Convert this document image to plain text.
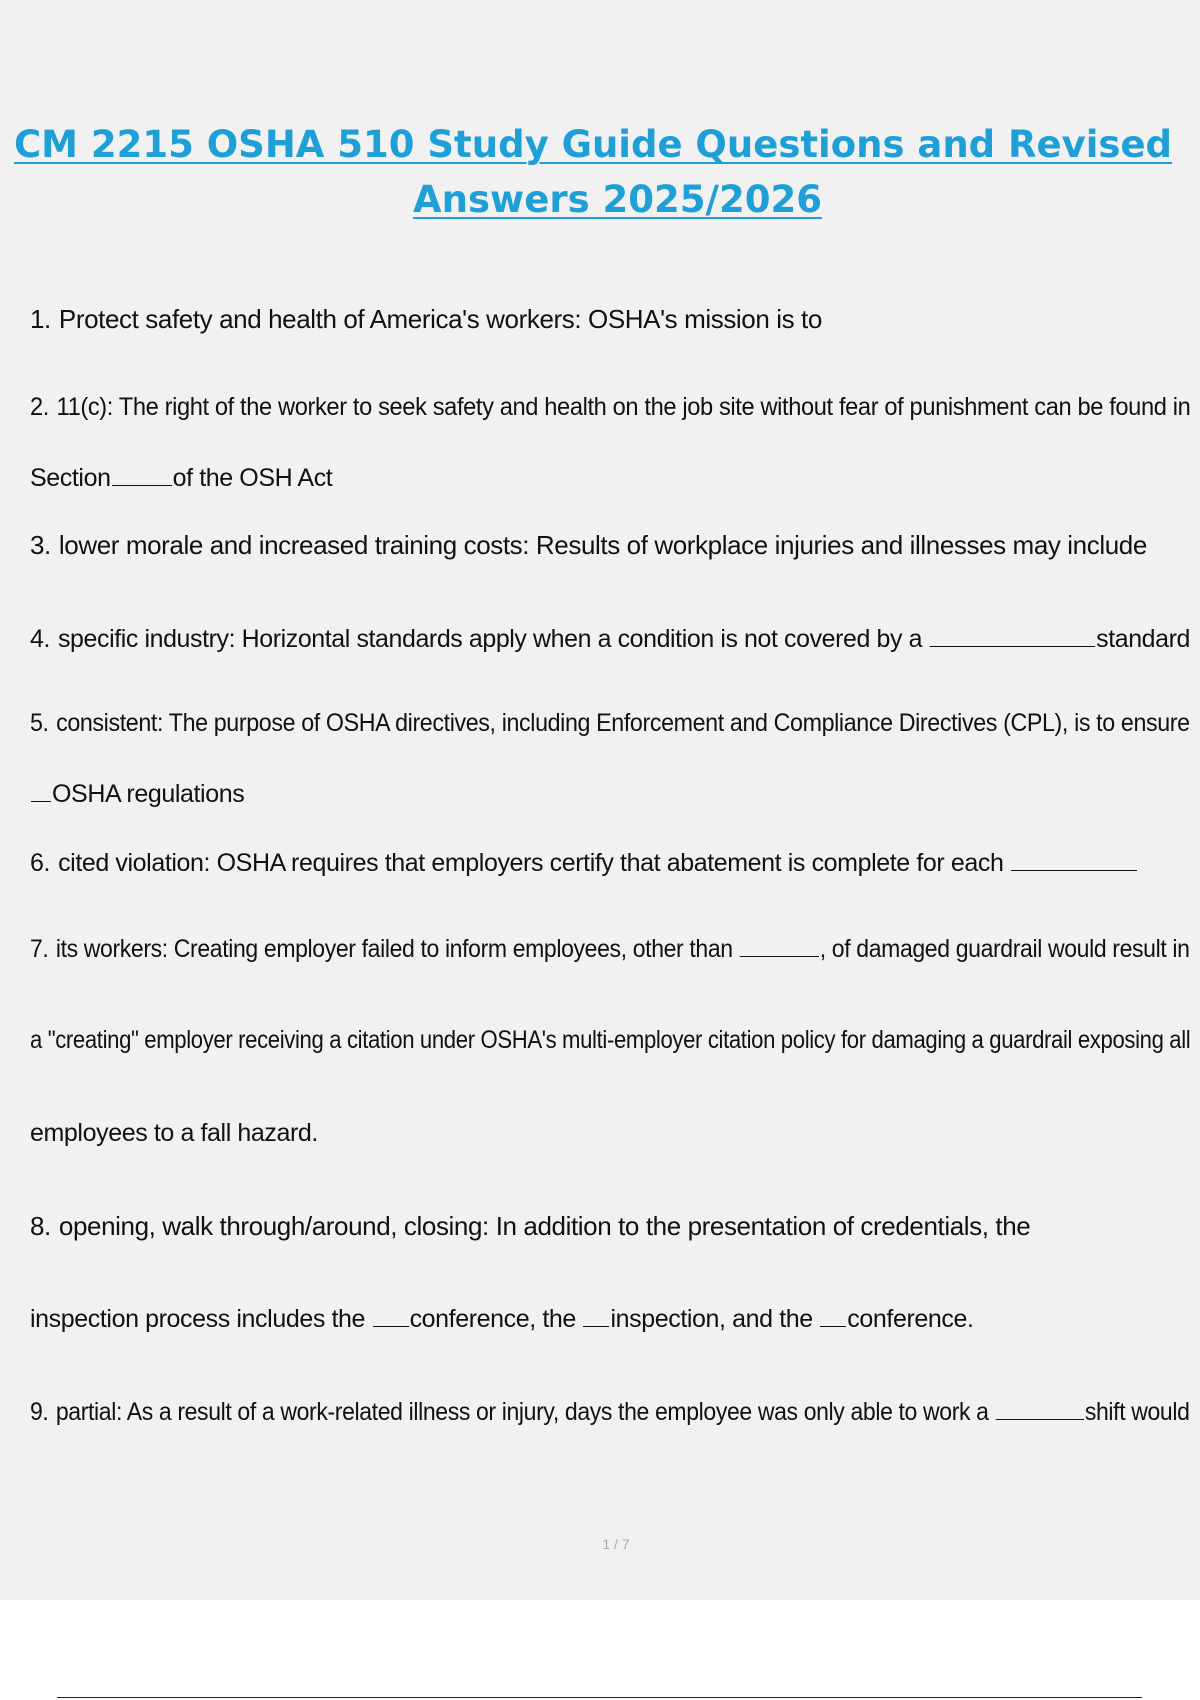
CM 2215 OSHA 510 Study Guide Questions and Revised
Answers 2025/2026
1. Protect safety and health of America's workers: OSHA's mission is to
2. 11(c): The right of the worker to seek safety and health on the job site without fear of punishment can be found in
Section of the OSH Act
3. lower morale and increased training costs: Results of workplace injuries and illnesses may include
4. specific industry: Horizontal standards apply when a condition is not covered by a	standard
5. consistent: The purpose of OSHA directives, including Enforcement and Compliance Directives (CPL), is to ensure
OSHA regulations
6. cited violation: OSHA requires that employers certify that abatement is complete for each
7. its workers: Creating employer failed to inform employees, other than	, of damaged guardrail would result in
a "creating" employer receiving a citation under OSHA's multi-employer citation policy for damaging a guardrail exposing all
employees to a fall hazard.
8. opening, walk through/around, closing: In addition to the presentation of credentials, the
inspection process includes the conference, the inspection, and the conference.
9. partial: As a result of a work-related illness or injury, days the employee was only able to work a	shift would
1 / 7
